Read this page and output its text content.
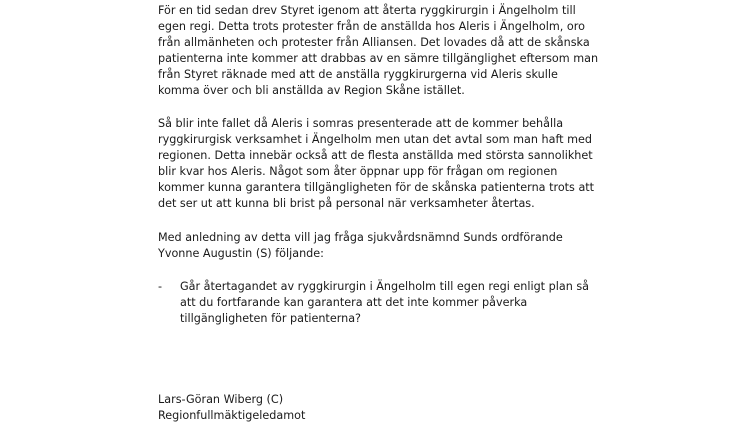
För en tid sedan drev Styret igenom att återta ryggkirurgin i Ängelholm till
egen regi. Detta trots protester från de anställda hos Aleris i Ängelholm, oro
från allmänheten och protester från Alliansen. Det lovades då att de skånska
patienterna inte kommer att drabbas av en sämre tillgänglighet eftersom man
från Styret räknade med att de anställa ryggkirurgerna vid Aleris skulle
komma över och bli anställda av Region Skåne istället.

Så blir inte fallet då Aleris i somras presenterade att de kommer behålla
ryggkirurgisk verksamhet i Ängelholm men utan det avtal som man haft med
regionen. Detta innebär också att de flesta anställda med största sannolikhet
blir kvar hos Aleris. Något som åter öppnar upp för frågan om regionen
kommer kunna garantera tillgängligheten för de skånska patienterna trots att
det ser ut att kunna bli brist på personal när verksamheter återtas.

Med anledning av detta vill jag fråga sjukvårdsnämnd Sunds ordförande
Yvonne Augustin (S) följande:

- Går återtagandet av ryggkirurgin i Ängelholm till egen regi enligt plan så
att du fortfarande kan garantera att det inte kommer påverka
tillgängligheten för patienterna?
Lars-Göran Wiberg (C)
Regionfullmäktigeledamot
